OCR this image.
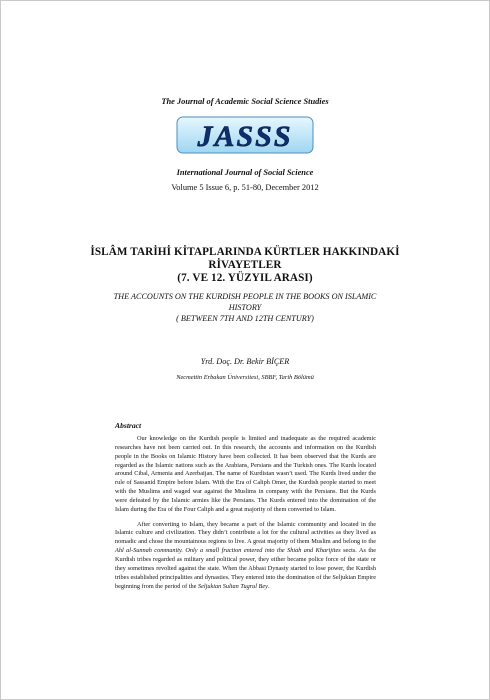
The Journal of Academic Social Science Studies
JASSS
International Journal of Social Science
Volume 5 Issue 6, p. 51-80, December 2012
İSLÂM TARİHİ KİTAPLARINDA KÜRTLER HAKKINDAKİ
RİVAYETLER
(7. VE 12. YÜZYIL ARASI)
THE ACCOUNTS ON THE KURDISH PEOPLE IN THE BOOKS ON ISLAMIC
HISTORY
( BETWEEN 7TH AND 12TH CENTURY)
Yrd. Doç. Dr. Bekir BİÇER
Necmettin Erbakan Üniversitesi, SBBF, Tarih Bölümü
Abstract

Our knowledge on the Kurdish people is limited and inadequate as the required academic researches have not been carried out. In this research, the accounts and information on the Kurdish people in the Books on Islamic History have been collected. It has been observed that the Kurds are regarded as the Islamic nations such as the Arabians, Persians and the Turkish ones. The Kurds located around Cibal, Armenia and Azerbaijan. The name of Kurdistan wasn’t used. The Kurds lived under the rule of Sassanid Empire before Islam. With the Era of Caliph Omer, the Kurdish people started to meet with the Muslims and waged war against the Muslims in company with the Persians. But the Kurds were defeated by the Islamic armies like the Persians. The Kurds entered into the domination of the Islam during the Era of the Four Caliph and a great majority of them converted to Islam.

After converting to Islam, they became a part of the Islamic community and located in the Islamic culture and civilization. They didn’t contribute a lot for the cultural activities as they lived as nomadic and chose the mountainous regions to live. A great majority of them Muslim and belong to the Ahl al-Sunnah community. Only a small fraction entered into the Shiah and Kharijites sects. As the Kurdish tribes regarded as military and political power, they either became police force of the state or they sometimes revolted against the state. When the Abbasi Dynasty started to lose power, the Kurdish tribes established principalities and dynasties. They entered into the domination of the Seljukian Empire beginning from the period of the Seljukian Sultan Tugrul Bey.
